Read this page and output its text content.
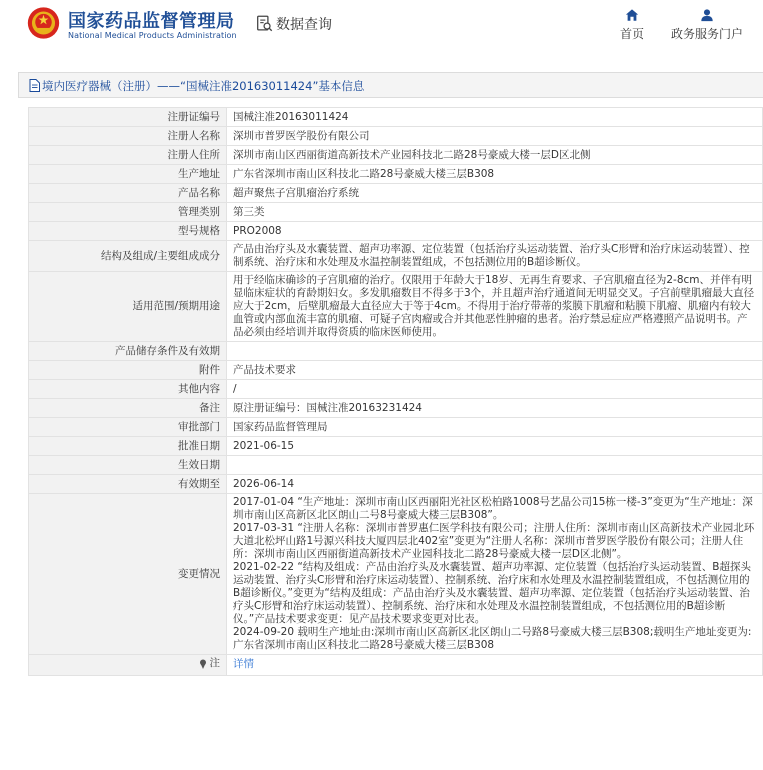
国家药品监督管理局
National Medical Products Administration
数据查询
首页	政务服务门户
境内医疗器械（注册）——“国械注准20163011424”基本信息
注册证编号	国械注准20163011424
注册人名称	深圳市普罗医学股份有限公司
注册人住所	深圳市南山区西丽街道高新技术产业园科技北二路28号豪威大楼一层D区北侧
生产地址	广东省深圳市南山区科技北二路28号豪威大楼三层B308
产品名称	超声聚焦子宫肌瘤治疗系统
管理类别	第三类
型号规格	PRO2008
结构及组成/主要组成成分	产品由治疗头及水囊装置、超声功率源、定位装置（包括治疗头运动装置、治疗头C形臂和治疗床运动装置）、控制系统、治疗床和水处理及水温控制装置组成，不包括测位用的B超诊断仪。
适用范围/预期用途	用于经临床确诊的子宫肌瘤的治疗。仅限用于年龄大于18岁、无再生育要求、子宫肌瘤直径为2-8cm、并伴有明显临床症状的育龄期妇女。多发肌瘤数目不得多于3个，并且超声治疗通道间无明显交叉。子宫前壁肌瘤最大直径应大于2cm，后壁肌瘤最大直径应大于等于4cm。不得用于治疗带蒂的浆膜下肌瘤和粘膜下肌瘤、肌瘤内有较大血管或内部血流丰富的肌瘤、可疑子宫肉瘤或合并其他恶性肿瘤的患者。治疗禁忌症应严格遵照产品说明书。产品必须由经培训并取得资质的临床医师使用。
产品储存条件及有效期	
附件	产品技术要求
其他内容	/
备注	原注册证编号：国械注准20163231424
审批部门	国家药品监督管理局
批准日期	2021-06-15
生效日期	
有效期至	2026-06-14
变更情况	2017-01-04 “生产地址：深圳市南山区西丽阳光社区松柏路1008号艺晶公司15栋一楼-3”变更为“生产地址：深圳市南山区高新区北区朗山二号8号豪威大楼三层B308”。
2017-03-31 “注册人名称：深圳市普罗惠仁医学科技有限公司；注册人住所：深圳市南山区高新技术产业园北环大道北松坪山路1号源兴科技大厦四层北402室”变更为“注册人名称：深圳市普罗医学股份有限公司；注册人住所：深圳市南山区西丽街道高新技术产业园科技北二路28号豪威大楼一层D区北侧”。
2021-02-22 “结构及组成：产品由治疗头及水囊装置、超声功率源、定位装置（包括治疗头运动装置、B超探头运动装置、治疗头C形臂和治疗床运动装置）、控制系统、治疗床和水处理及水温控制装置组成，不包括测位用的B超诊断仪。”变更为“结构及组成：产品由治疗头及水囊装置、超声功率源、定位装置（包括治疗头运动装置、治疗头C形臂和治疗床运动装置）、控制系统、治疗床和水处理及水温控制装置组成，不包括测位用的B超诊断仪。”产品技术要求变更：见产品技术要求变更对比表。
2024-09-20 载明生产地址由:深圳市南山区高新区北区朗山二号路8号豪威大楼三层B308;载明生产地址变更为:广东省深圳市南山区科技北二路28号豪威大楼三层B308

注	详情
